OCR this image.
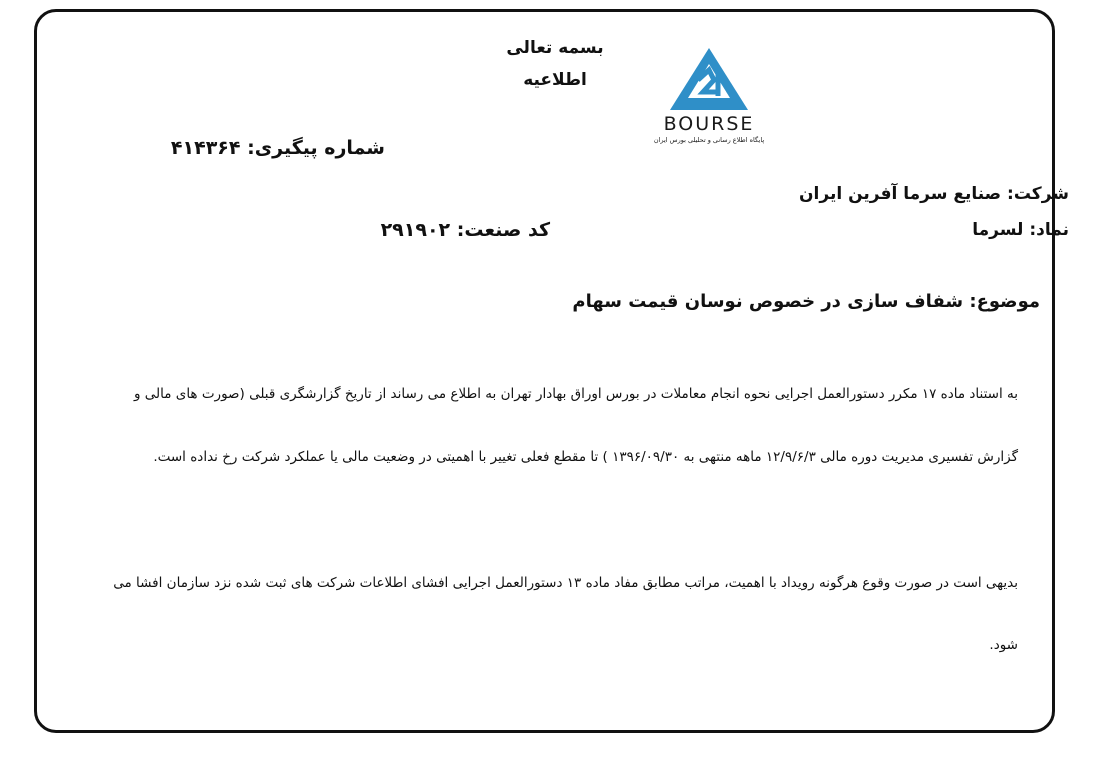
بسمه تعالی
اطلاعیه
BOURSE
پایگاه اطلاع رسانی و تحلیلی بورس ایران
شماره پیگیری: ۴۱۴۳۶۴
شرکت: صنایع سرما آفرین ایران
نماد: لسرما
کد صنعت: ۲۹۱۹۰۲
موضوع: شفاف سازی در خصوص نوسان قیمت سهام
به استناد ماده ۱۷ مکرر دستورالعمل اجرایی نحوه انجام معاملات در بورس اوراق بهادار تهران به اطلاع می رساند از تاریخ گزارشگری قبلی (صورت های مالی و
گزارش تفسیری مدیریت دوره مالی ۱۲/۹/۶/۳ ماهه منتهی به ۱۳۹۶/۰۹/۳۰ ) تا مقطع فعلی تغییر با اهمیتی در وضعیت مالی یا عملکرد شرکت رخ نداده است.
بدیهی است در صورت وقوع هرگونه رویداد با اهمیت، مراتب مطابق مفاد ماده ۱۳ دستورالعمل اجرایی افشای اطلاعات شرکت های ثبت شده نزد سازمان افشا می
شود.
